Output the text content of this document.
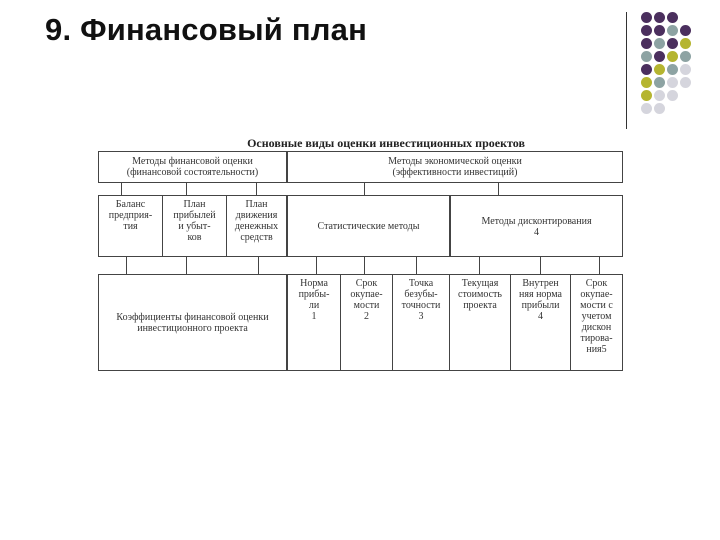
9. Финансовый план
Основные виды оценки инвестиционных проектов
Методы финансовой оценки
(финансовой состоятельности)
Методы экономической оценки
(эффективности инвестиций)
Баланс
предприя-
тия
План
прибылей
и убыт-
ков
План
движения
денежных
средств
Статистические методы	Методы дисконтирования
4
Коэффициенты финансовой оценки
инвестиционного проекта
Норма
прибы-
ли
1
Срок
окупае-
мости
2
Точка
безубы-
точности
3
Текущая
стоимость
проекта
Внутрен
няя норма
прибыли
4
Срок
окупае-
мости с
учетом
дискон
тирова-
ния5
